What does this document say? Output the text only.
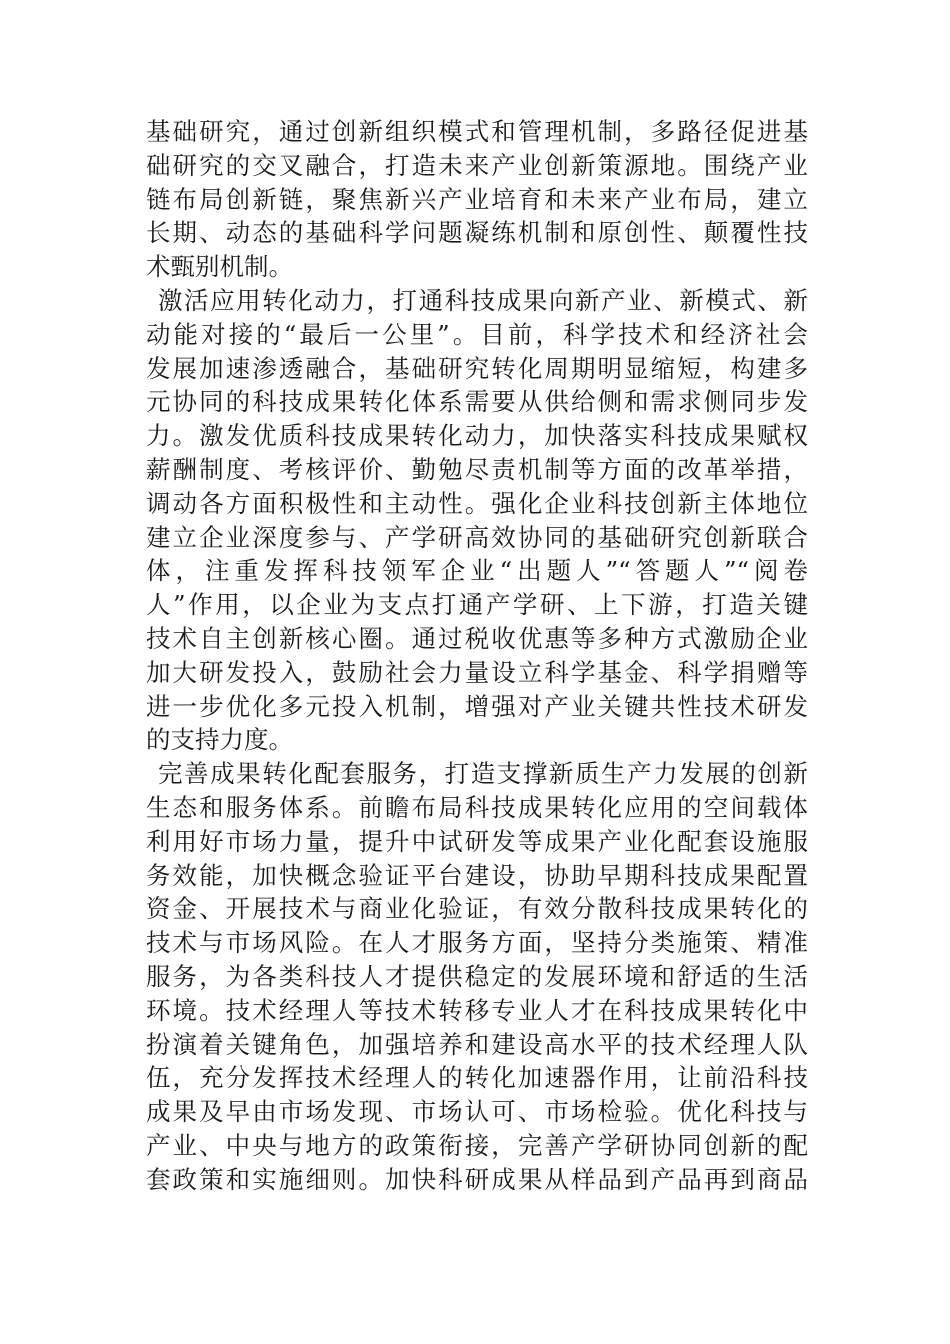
基础研究，通过创新组织模式和管理机制，多路径促进基
础研究的交叉融合，打造未来产业创新策源地。围绕产业
链布局创新链，聚焦新兴产业培育和未来产业布局，建立
长期、动态的基础科学问题凝练机制和原创性、颠覆性技
术甄别机制。
激活应用转化动力，打通科技成果向新产业、新模式、新
动能对接的“最后一公里”。目前，科学技术和经济社会
发展加速渗透融合，基础研究转化周期明显缩短，构建多
元协同的科技成果转化体系需要从供给侧和需求侧同步发
力。激发优质科技成果转化动力，加快落实科技成果赋权
薪酬制度、考核评价、勤勉尽责机制等方面的改革举措，
调动各方面积极性和主动性。强化企业科技创新主体地位
建立企业深度参与、产学研高效协同的基础研究创新联合
体，注重发挥科技领军企业“出题人”“答题人”“阅卷
人”作用，以企业为支点打通产学研、上下游，打造关键
技术自主创新核心圈。通过税收优惠等多种方式激励企业
加大研发投入，鼓励社会力量设立科学基金、科学捐赠等
进一步优化多元投入机制，增强对产业关键共性技术研发
的支持力度。
完善成果转化配套服务，打造支撑新质生产力发展的创新
生态和服务体系。前瞻布局科技成果转化应用的空间载体
利用好市场力量，提升中试研发等成果产业化配套设施服
务效能，加快概念验证平台建设，协助早期科技成果配置
资金、开展技术与商业化验证，有效分散科技成果转化的
技术与市场风险。在人才服务方面，坚持分类施策、精准
服务，为各类科技人才提供稳定的发展环境和舒适的生活
环境。技术经理人等技术转移专业人才在科技成果转化中
扮演着关键角色，加强培养和建设高水平的技术经理人队
伍，充分发挥技术经理人的转化加速器作用，让前沿科技
成果及早由市场发现、市场认可、市场检验。优化科技与
产业、中央与地方的政策衔接，完善产学研协同创新的配
套政策和实施细则。加快科研成果从样品到产品再到商品
